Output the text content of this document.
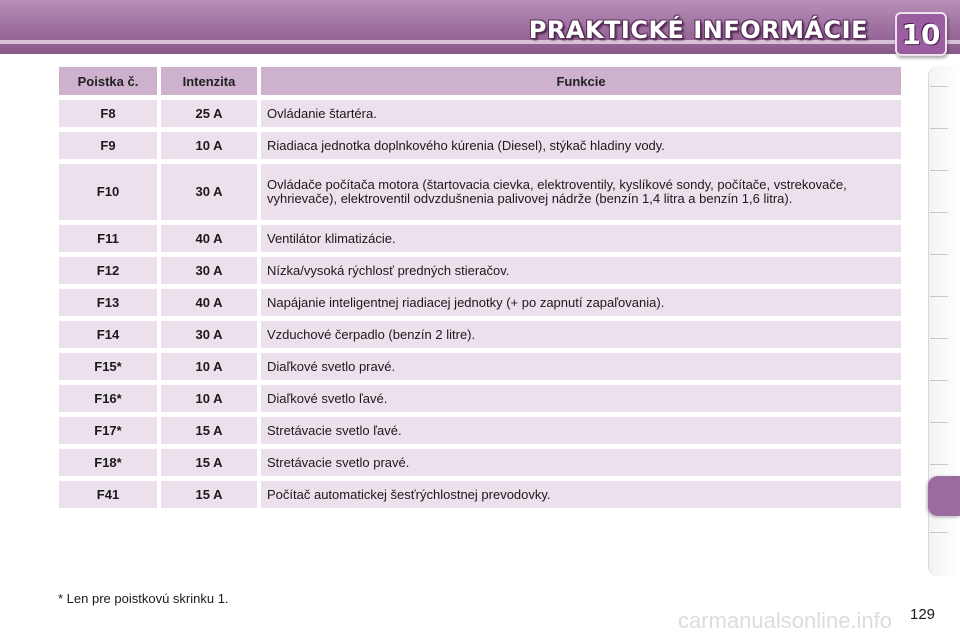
PRAKTICKÉ INFORMÁCIE 10
Poistka č.	Intenzita	Funkcie
F8	25 A	Ovládanie štartéra.
F9	10 A	Riadiaca jednotka doplnkového kúrenia (Diesel), stýkač hladiny vody.
F10	30 A	Ovládače počítača motora (štartovacia cievka, elektroventily, kyslíkové sondy, počítače, vstrekovače, vyhrievače), elektroventil odvzdušnenia palivovej nádrže (benzín 1,4 litra a benzín 1,6 litra).
F11	40 A	Ventilátor klimatizácie.
F12	30 A	Nízka/vysoká rýchlosť predných stieračov.
F13	40 A	Napájanie inteligentnej riadiacej jednotky (+ po zapnutí zapaľovania).
F14	30 A	Vzduchové čerpadlo (benzín 2 litre).
F15*	10 A	Diaľkové svetlo pravé.
F16*	10 A	Diaľkové svetlo ľavé.
F17*	15 A	Stretávacie svetlo ľavé.
F18*	15 A	Stretávacie svetlo pravé.
F41	15 A	Počítač automatickej šesťrýchlostnej prevodovky.
* Len pre poistkovú skrinku 1.
carmanualsonline.info 129
